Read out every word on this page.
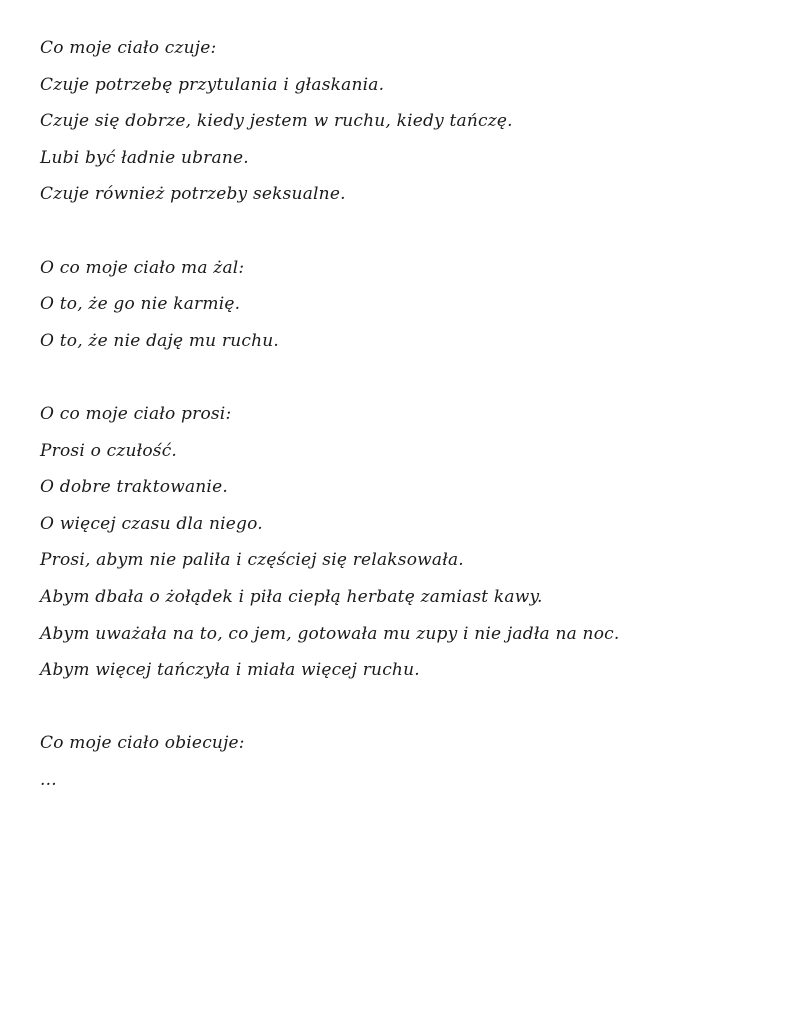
Co moje ciało czuje:
Czuje potrzebę przytulania i głaskania.
Czuje się dobrze, kiedy jestem w ruchu, kiedy tańczę.
Lubi być ładnie ubrane.
Czuje również potrzeby seksualne.
O co moje ciało ma żal:
O to, że go nie karmię.
O to, że nie daję mu ruchu.
O co moje ciało prosi:
Prosi o czułość.
O dobre traktowanie.
O więcej czasu dla niego.
Prosi, abym nie paliła i częściej się relaksowała.
Abym dbała o żołądek i piła ciepłą herbatę zamiast kawy.
Abym uważała na to, co jem, gotowała mu zupy i nie jadła na noc.
Abym więcej tańczyła i miała więcej ruchu.
Co moje ciało obiecuje:
...
